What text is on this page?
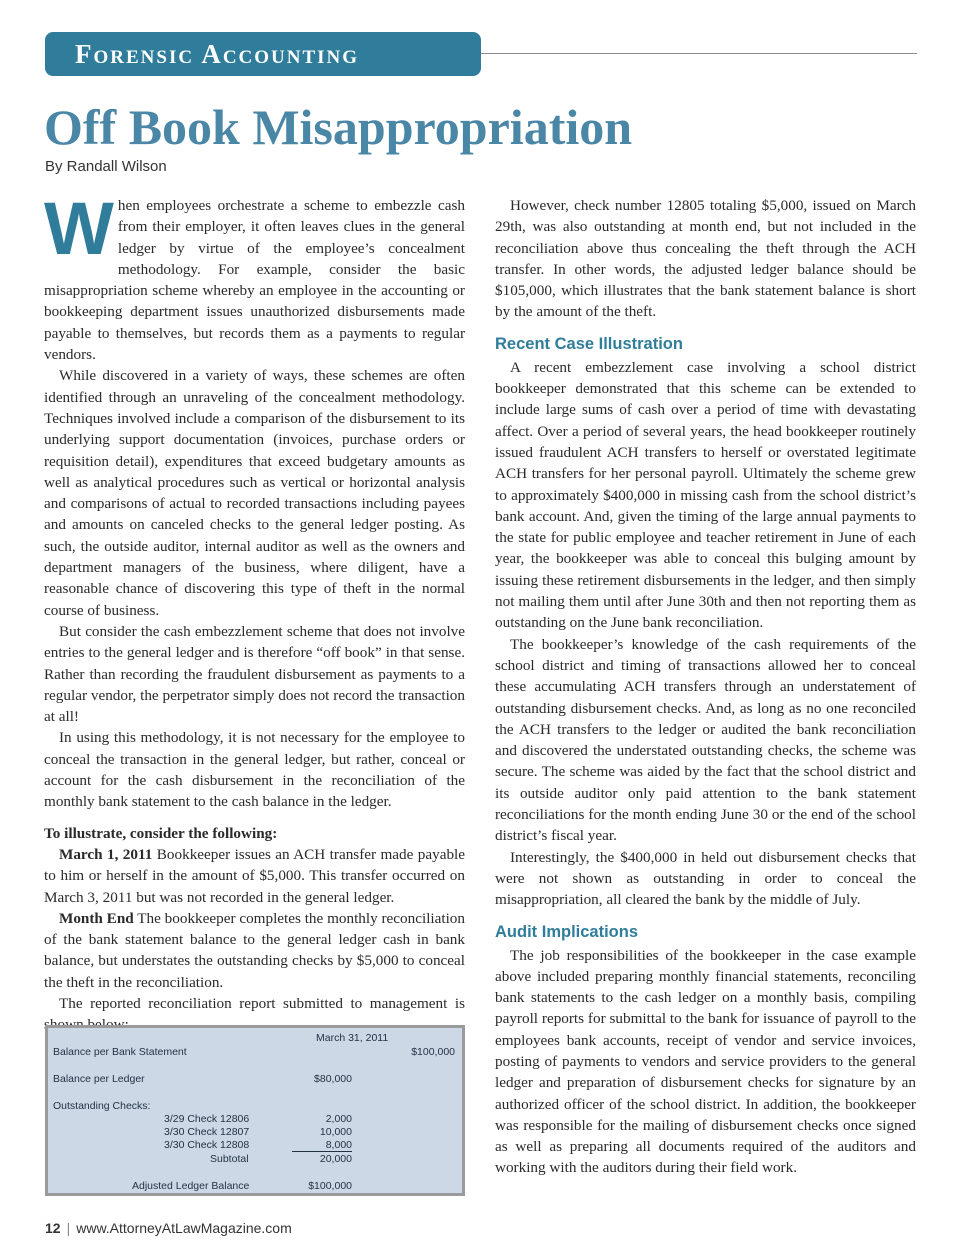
Forensic Accounting
Off Book Misappropriation
By Randall Wilson

When employees orchestrate a scheme to embezzle cash from their employer, it often leaves clues in the general ledger by virtue of the employee’s concealment methodology. For example, consider the basic misappropriation scheme whereby an employee in the accounting or bookkeeping department issues unauthorized disbursements made payable to themselves, but records them as a payments to regular vendors.

While discovered in a variety of ways, these schemes are often identified through an unraveling of the concealment methodology. Techniques involved include a comparison of the disbursement to its underlying support documentation (invoices, purchase orders or requisition detail), expenditures that exceed budgetary amounts as well as analytical procedures such as vertical or horizontal analysis and comparisons of actual to recorded transactions including payees and amounts on canceled checks to the general ledger posting. As such, the outside auditor, internal auditor as well as the owners and department managers of the business, where diligent, have a reasonable chance of discovering this type of theft in the normal course of business.

But consider the cash embezzlement scheme that does not involve entries to the general ledger and is therefore “off book” in that sense. Rather than recording the fraudulent disbursement as payments to a regular vendor, the perpetrator simply does not record the transaction at all!

In using this methodology, it is not necessary for the employee to conceal the transaction in the general ledger, but rather, conceal or account for the cash disbursement in the reconciliation of the monthly bank statement to the cash balance in the ledger.

To illustrate, consider the following:

March 1, 2011 Bookkeeper issues an ACH transfer made payable to him or herself in the amount of $5,000. This transfer occurred on March 3, 2011 but was not recorded in the general ledger.

Month End The bookkeeper completes the monthly reconciliation of the bank statement balance to the general ledger cash in bank balance, but understates the outstanding checks by $5,000 to conceal the theft in the reconciliation.

The reported reconciliation report submitted to management is

March 31, 2011
Balance per Bank Statement	$100,000
Balance per Ledger	$80,000
Outstanding Checks:
3/29 Check 12806	2,000
3/30 Check 12807	10,000
3/30 Check 12808	8,000
Subtotal	20,000
Adjusted Ledger Balance	$100,000

However, check number 12805 totaling $5,000, issued on March 29th, was also outstanding at month end, but not included in the reconciliation above thus concealing the theft through the ACH transfer. In other words, the adjusted ledger balance should be $105,000, which illustrates that the bank statement balance is short by the amount of the theft.

Recent Case Illustration

A recent embezzlement case involving a school district bookkeeper demonstrated that this scheme can be extended to include large sums of cash over a period of time with devastating affect. Over a period of several years, the head bookkeeper routinely issued fraudulent ACH transfers to herself or overstated legitimate ACH transfers for her personal payroll. Ultimately the scheme grew to approximately $400,000 in missing cash from the school district’s bank account. And, given the timing of the large annual payments to the state for public employee and teacher retirement in June of each year, the bookkeeper was able to conceal this bulging amount by issuing these retirement disbursements in the ledger, and then simply not mailing them until after June 30th and then not reporting them as outstanding on the June bank reconciliation.

The bookkeeper’s knowledge of the cash requirements of the school district and timing of transactions allowed her to conceal these accumulating ACH transfers through an understatement of outstanding disbursement checks. And, as long as no one reconciled the ACH transfers to the ledger or audited the bank reconciliation and discovered the understated outstanding checks, the scheme was secure. The scheme was aided by the fact that the school district and its outside auditor only paid attention to the bank statement reconciliations for the month ending June 30 or the end of the school district’s fiscal year.

Interestingly, the $400,000 in held out disbursement checks that were not shown as outstanding in order to conceal the misappropriation, all cleared the bank by the middle of July.

Audit Implications

The job responsibilities of the bookkeeper in the case example above included preparing monthly financial statements, reconciling bank statements to the cash ledger on a monthly basis, compiling payroll reports for submittal to the bank for issuance of payroll to the employees bank accounts, receipt of vendor and service invoices, posting of payments to vendors and service providers to the general ledger and preparation of disbursement checks for signature by an authorized officer of the school district. In addition, the bookkeeper was responsible for the mailing of disbursement checks once signed as well as preparing all documents required of the auditors and working with the auditors during their field work.

12 | www.AttorneyAtLawMagazine.com
